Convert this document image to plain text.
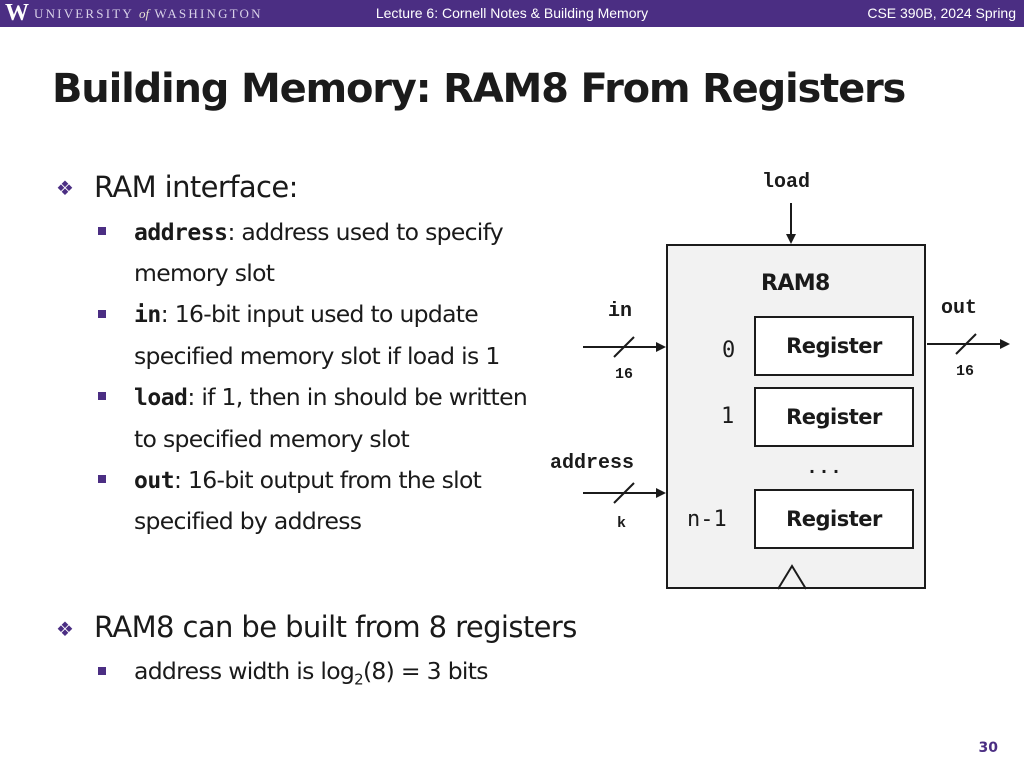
W UNIVERSITY of WASHINGTON	Lecture 6: Cornell Notes & Building Memory	CSE 390B, 2024 Spring
Building Memory: RAM8 From Registers
❖ RAM interface:
address: address used to specify
memory slot
in: 16-bit input used to update
specified memory slot if load is 1
load: if 1, then in should be written
to specified memory slot
out: 16-bit output from the slot
specified by address
❖ RAM8 can be built from 8 registers
address width is $\log_2(8) = 3$ bits
RAM8
Register
Register
Register
0
1
n-1
...
load
in
16
out
16
address
k
30
